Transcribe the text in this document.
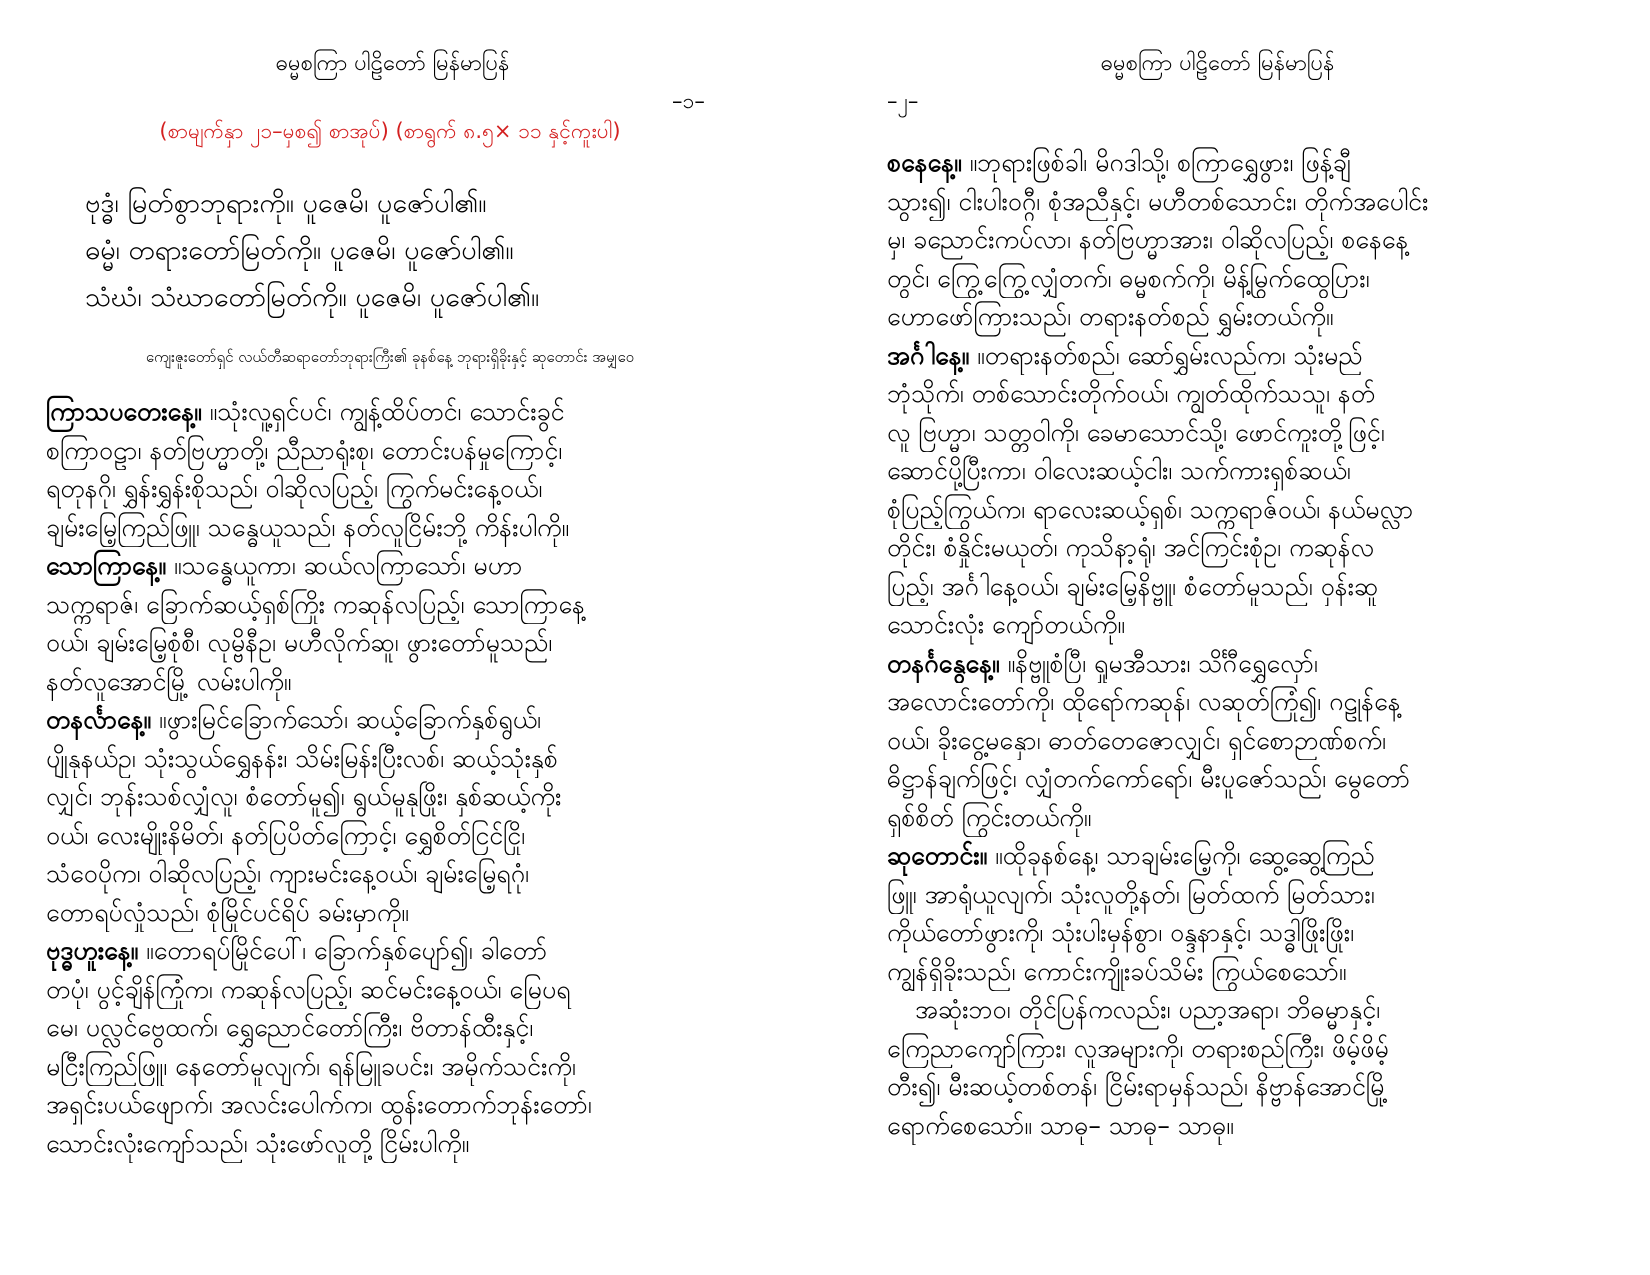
ဓမ္မစကြာ ပါဠိတော် မြန်မာပြန်
–၁–
(စာမျက်နှာ ၂၁–မှစ၍ စာအုပ်) (စာရွက် ၈.၅× ၁၁ နှင့်ကူးပါ)
ဗုဒ္ဓံ၊ မြတ်စွာဘုရားကို။ ပူဇေမိ၊ ပူဇော်ပါ၏။
ဓမ္မံ၊ တရားတော်မြတ်ကို။ ပူဇေမိ၊ ပူဇော်ပါ၏။
သံဃံ၊ သံဃာတော်မြတ်ကို။ ပူဇေမိ၊ ပူဇော်ပါ၏။
ကျေးဇူးတော်ရှင် လယ်တီဆရာတော်ဘုရားကြီး၏ ခုနစ်နေ့ ဘုရားရှိခိုးနှင့် ဆုတောင်း အမျှဝေ
ကြာသပတေးနေ့။ ။သုံးလူ့ရှင်ပင်၊ ကျွန့်ထိပ်တင်၊ သောင်းခွင်
စကြာဝဠာ၊ နတ်ဗြဟ္မာတို့၊ ညီညာရုံးစု၊ တောင်းပန်မှုကြောင့်၊
ရတုနဂို၊ ရွှန်းရွှန်းစိုသည်၊ ဝါဆိုလပြည့်၊ ကြွက်မင်းနေ့ဝယ်၊
ချမ်းမြေ့ကြည်ဖြူ၊ သန္ဓေယူသည်၊ နတ်လူငြိမ်းဘို့ ကိန်းပါကို။
သောကြာနေ့။ ။သန္ဓေယူကာ၊ ဆယ်လကြာသော်၊ မဟာ
သက္ကရာဇ်၊ ခြောက်ဆယ့်ရှစ်ကြိုး ကဆုန်လပြည့်၊ သောကြာနေ့
ဝယ်၊ ချမ်းမြေ့စုံစီ၊ လုမ္ဗိနီဥ၊ မဟီလိုက်ဆူ၊ ဖွားတော်မူသည်၊
နတ်လူအောင်မြို့ လမ်းပါကို။
တနင်္လာနေ့။ ။ဖွားမြင်ခြောက်သော်၊ ဆယ့်ခြောက်နှစ်ရွယ်၊
ပျိုနုနယ်ဥ၊ သုံးသွယ်ရွှေနန်း၊ သိမ်းမြန်းပြီးလစ်၊ ဆယ့်သုံးနှစ်
လျှင်၊ ဘုန်းသစ်လျှံလူ၊ စံတော်မူ၍၊ ရွယ်မူနုဖြိုး၊ နှစ်ဆယ့်ကိုး
ဝယ်၊ လေးမျိုးနိမိတ်၊ နတ်ပြပိတ်ကြောင့်၊ ရွှေစိတ်ငြင်ငြို၊
သံဝေပိုက၊ ဝါဆိုလပြည့်၊ ကျားမင်းနေ့ဝယ်၊ ချမ်းမြေ့ရဂုံ၊
တောရပ်လှုံသည်၊ စုံမြိုင်ပင်ရိပ် ခမ်းမှာကို။
ဗုဒ္ဓဟူးနေ့။ ။တောရပ်မြိုင်ပေါ်၊ ခြောက်နှစ်ပျော်၍၊ ခါတော်
တပုံ၊ ပွင့်ချိန်ကြုံက၊ ကဆုန်လပြည့်၊ ဆင်မင်းနေ့ဝယ်၊ မြေပရ
မေ၊ ပလ္လင်ဗွေထက်၊ ရွှေညောင်တော်ကြီး၊ ဗိတာန်ထီးနှင့်၊
မငြီးကြည်ဖြူ၊ နေတော်မူလျက်၊ ရန်မြူခပင်း၊ အမိုက်သင်းကို၊
အရှင်းပယ်ဖျောက်၊ အလင်းပေါက်က၊ ထွန်းတောက်ဘုန်းတော်၊
သောင်းလုံးကျော်သည်၊ သုံးဖော်လူတို့ ငြိမ်းပါကို။
ဓမ္မစကြာ ပါဠိတော် မြန်မာပြန်
–၂–
စနေနေ့။ ။ဘုရားဖြစ်ခါ၊ မိဂဒါသို့၊ စကြာရွှေဖွား၊ ဖြန့်ချီ
သွား၍၊ ငါးပါးဝဂ္ဂီ၊ စုံအညီနှင့်၊ မဟီတစ်သောင်း၊ တိုက်အပေါင်း
မှ၊ ခညောင်းကပ်လာ၊ နတ်ဗြဟ္မာအား၊ ဝါဆိုလပြည့်၊ စနေနေ့
တွင်၊ ကြွေ့ကြွေ့လျှံတက်၊ ဓမ္မစက်ကို၊ မိန့်မြွက်ထွေပြား၊
ဟောဖော်ကြားသည်၊ တရားနတ်စည် ရွှမ်းတယ်ကို။
အင်္ဂါနေ့။ ။တရားနတ်စည်၊ ဆော်ရွှမ်းလည်က၊ သုံးမည်
ဘုံသိုက်၊ တစ်သောင်းတိုက်ဝယ်၊ ကျွတ်ထိုက်သသူ၊ နတ်
လူ ဗြဟ္မာ၊ သတ္တဝါကို၊ ခေမာသောင်သို့၊ ဖောင်ကူးတို့ဖြင့်၊
ဆောင်ပို့ပြီးကာ၊ ဝါလေးဆယ့်ငါး၊ သက်ကားရှစ်ဆယ်၊
စုံပြည့်ကြွယ်က၊ ရာလေးဆယ့်ရှစ်၊ သက္ကရာဇ်ဝယ်၊ နယ်မလ္လာ
တိုင်း၊ စံနှိုင်းမယုတ်၊ ကုသိနာ့ရုံ၊ အင်ကြင်းစုံဥ၊ ကဆုန်လ
ပြည့်၊ အင်္ဂါနေ့ဝယ်၊ ချမ်းမြေ့နိဗ္ဗူ၊ စံတော်မူသည်၊ ဝှန်းဆူ
သောင်းလုံး ကျော်တယ်ကို။
တနင်္ဂနွေနေ့။ ။နိဗ္ဗူစံပြီ၊ ရှုမအီသား၊ သိင်္ဂီရွှေလှော်၊
အလောင်းတော်ကို၊ ထိုရော်ကဆုန်၊ လဆုတ်ကြုံ၍၊ ဂဠုန်နေ့
ဝယ်၊ ခိုးငွေ့မနှော၊ ဓာတ်တေဇောလျှင်၊ ရှင်စောဉာဏ်စက်၊
ဓိဋ္ဌာန်ချက်ဖြင့်၊ လျှံတက်ကော်ရော်၊ မီးပူဇော်သည်၊ မွေတော်
ရှစ်စိတ် ကြွင်းတယ်ကို။
ဆုတောင်း။ ။ထိုခုနစ်နေ့၊ သာချမ်းမြေ့ကို၊ ဆွေ့ဆွေ့ကြည်
ဖြူ၊ အာရုံယူလျက်၊ သုံးလူတို့နတ်၊ မြတ်ထက် မြတ်သား၊
ကိုယ်တော်ဖွားကို၊ သုံးပါးမှန်စွာ၊ ဝန္ဒနာနှင့်၊ သဒ္ဓါဖြိုးဖြိုး၊
ကျွန်ရှိခိုးသည်၊ ကောင်းကျိုးခပ်သိမ်း ကြွယ်စေသော်။
အဆုံးဘဝ၊ တိုင်ပြန်ကလည်း၊ ပညာ့အရာ၊ ဘိဓမ္မာနှင့်၊
ကြေညာကျော်ကြား၊ လူအများကို၊ တရားစည်ကြီး၊ ဖိမ့်ဖိမ့်
တီး၍၊ မီးဆယ့်တစ်တန်၊ ငြိမ်းရာမှန်သည်၊ နိဗ္ဗာန်အောင်မြို့
ရောက်စေသော်။ သာဓု– သာဓု– သာဓု။
